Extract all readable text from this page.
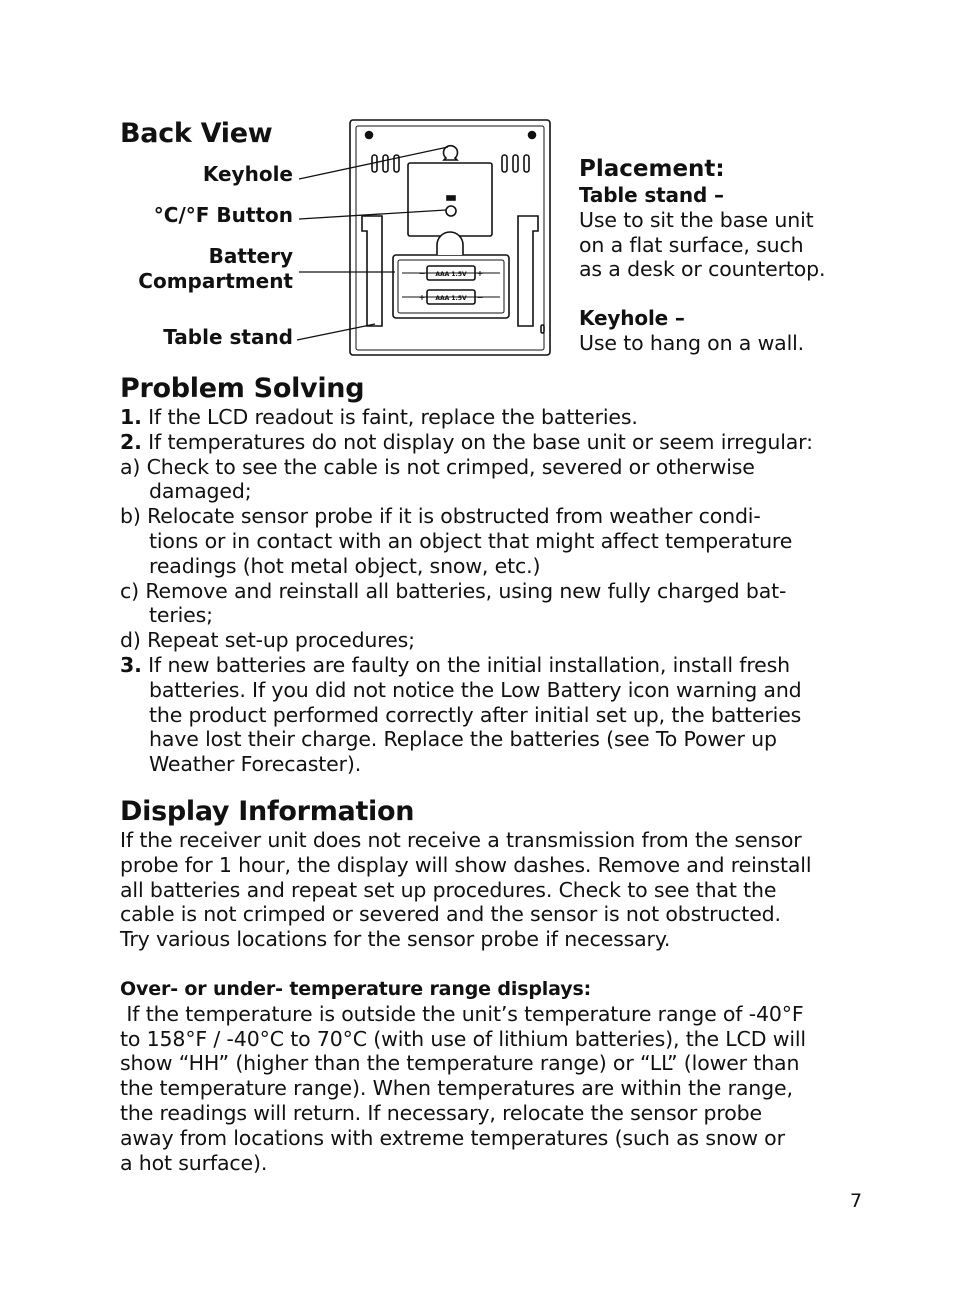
AAA 1.5V
AAA 1.5V
−	+
+	−
Back View
Keyhole
°C/°F Button
Battery
Compartment
Table stand
Placement:
Table stand –
Use to sit the base unit
on a flat surface, such
as a desk or countertop.
Keyhole –
Use to hang on a wall.
Problem Solving
1. If the LCD readout is faint, replace the batteries.
2. If temperatures do not display on the base unit or seem irregular:
a) Check to see the cable is not crimped, severed or otherwise
damaged;
b) Relocate sensor probe if it is obstructed from weather condi-
tions or in contact with an object that might affect temperature
readings (hot metal object, snow, etc.)
c) Remove and reinstall all batteries, using new fully charged bat-
teries;
d) Repeat set-up procedures;
3. If new batteries are faulty on the initial installation, install fresh
batteries. If you did not notice the Low Battery icon warning and
the product performed correctly after initial set up, the batteries
have lost their charge. Replace the batteries (see To Power up
Weather Forecaster).
Display Information
If the receiver unit does not receive a transmission from the sensor
probe for 1 hour, the display will show dashes. Remove and reinstall
all batteries and repeat set up procedures. Check to see that the
cable is not crimped or severed and the sensor is not obstructed.
Try various locations for the sensor probe if necessary.
Over- or under- temperature range displays:
If the temperature is outside the unit’s temperature range of -40°F
to 158°F / -40°C to 70°C (with use of lithium batteries), the LCD will
show “HH” (higher than the temperature range) or “LL” (lower than
the temperature range). When temperatures are within the range,
the readings will return. If necessary, relocate the sensor probe
away from locations with extreme temperatures (such as snow or
a hot surface).
7
